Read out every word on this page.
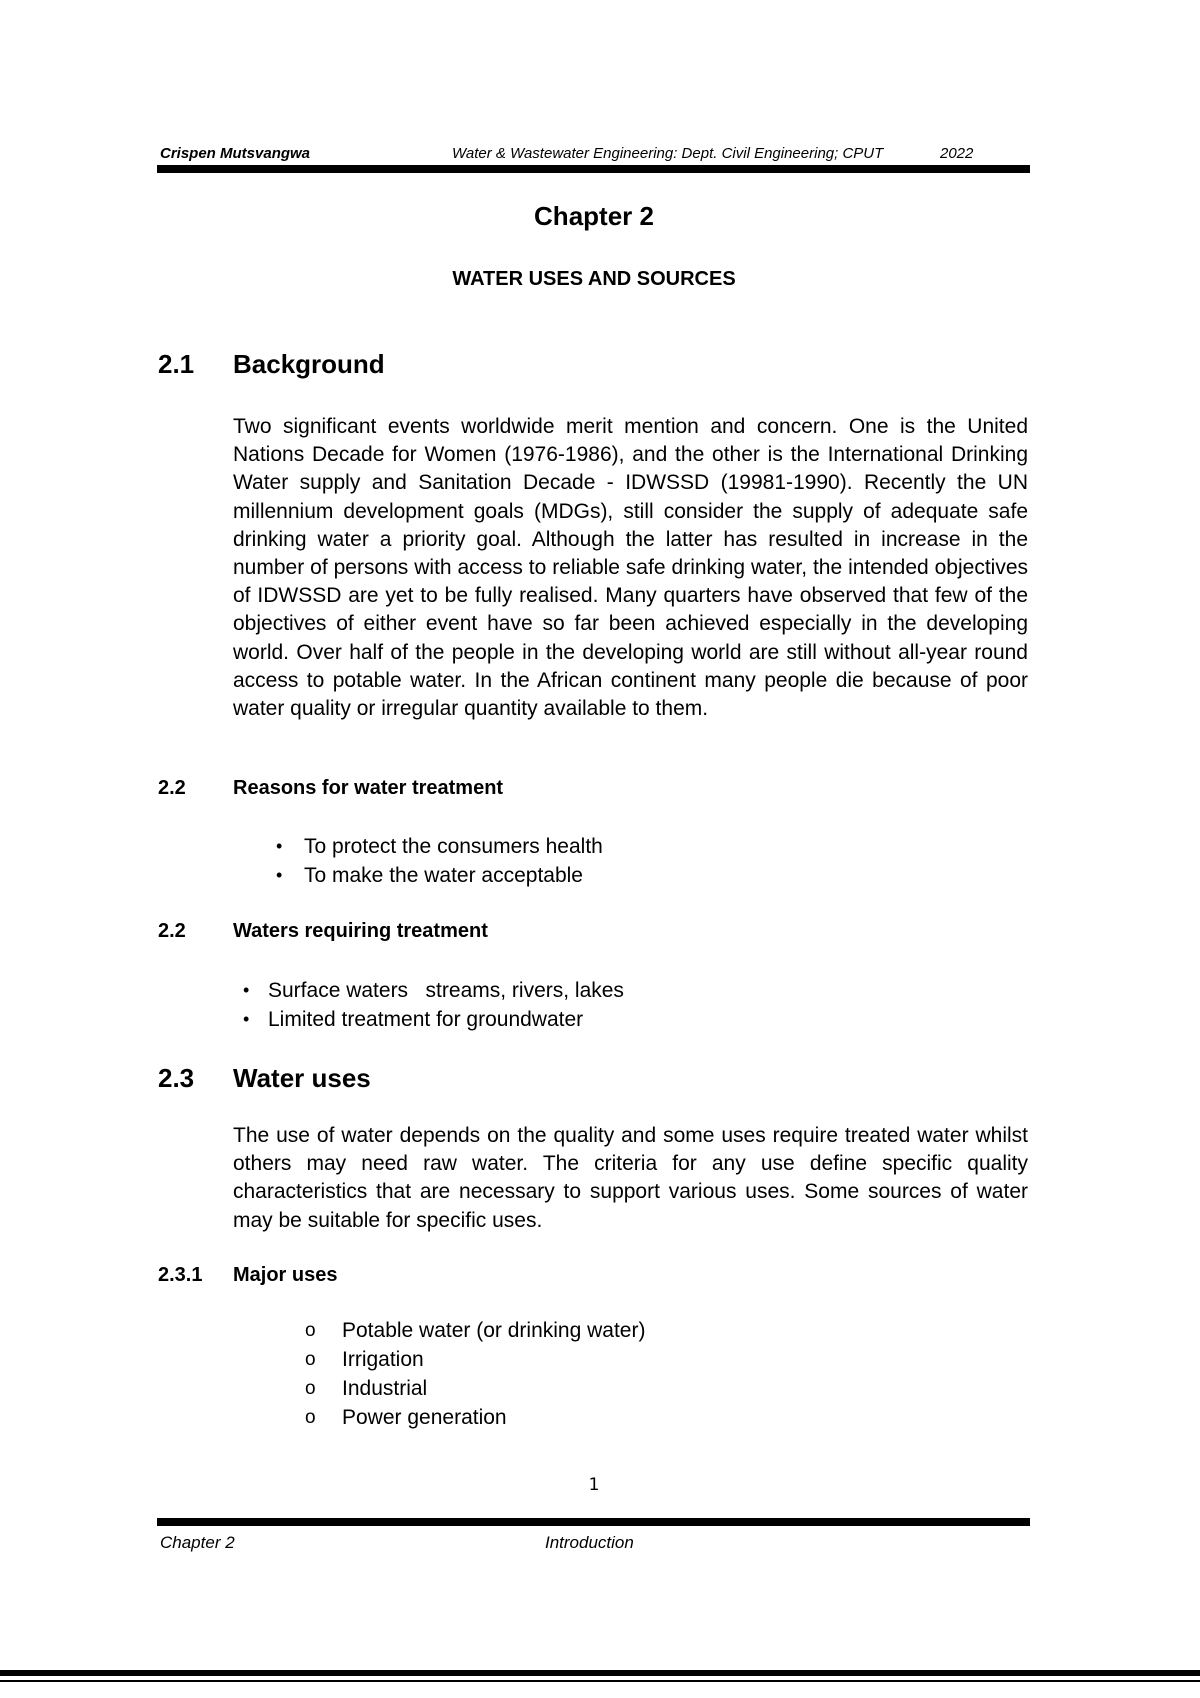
Crispen Mutsvangwa	Water & Wastewater Engineering: Dept. Civil Engineering; CPUT	2022
Chapter 2
WATER USES AND SOURCES
2.1 Background

Two significant events worldwide merit mention and concern. One is the United Nations Decade for Women (1976-1986), and the other is the International Drinking Water supply and Sanitation Decade - IDWSSD (19981-1990). Recently the UN millennium development goals (MDGs), still consider the supply of adequate safe drinking water a priority goal. Although the latter has resulted in increase in the number of persons with access to reliable safe drinking water, the intended objectives of IDWSSD are yet to be fully realised. Many quarters have observed that few of the objectives of either event have so far been achieved especially in the developing world. Over half of the people in the developing world are still without all-year round access to potable water. In the African continent many people die because of poor water quality or irregular quantity available to them.

2.2 Reasons for water treatment
• To protect the consumers health
• To make the water acceptable
2.2 Waters requiring treatment
• Surface waters   streams, rivers, lakes
• Limited treatment for groundwater
2.3 Water uses

The use of water depends on the quality and some uses require treated water whilst others may need raw water. The criteria for any use define specific quality characteristics that are necessary to support various uses. Some sources of water may be suitable for specific uses.

2.3.1 Major uses
o Potable water (or drinking water)
o Irrigation
o Industrial
o Power generation
1
Chapter 2	Introduction
